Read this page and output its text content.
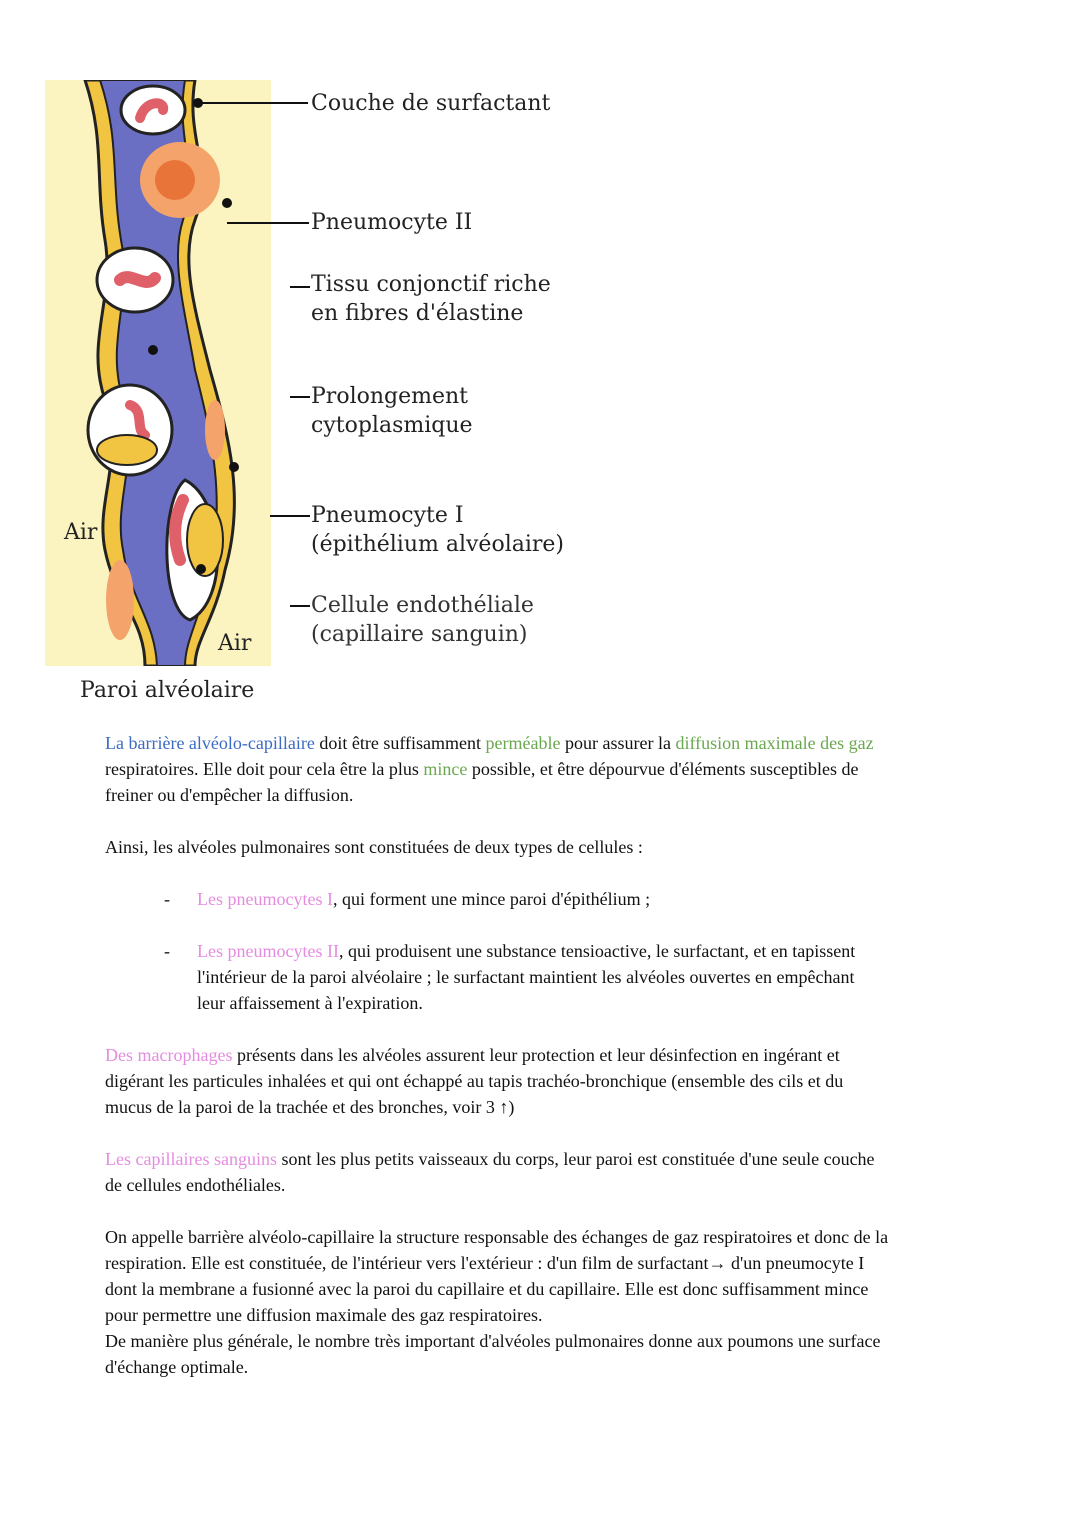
Couche de surfactant
Pneumocyte II
Tissu conjonctif riche
en fibres d'élastine
Prolongement
cytoplasmique
Pneumocyte I
(épithélium alvéolaire)
Cellule endothéliale
(capillaire sanguin)
Air
Air
Paroi alvéolaire
La barrière alvéolo-capillaire doit être suffisamment perméable pour assurer la diffusion maximale des gaz
respiratoires. Elle doit pour cela être la plus mince possible, et être dépourvue d'éléments susceptibles de
freiner ou d'empêcher la diffusion.
Ainsi, les alvéoles pulmonaires sont constituées de deux types de cellules :
-	Les pneumocytes I, qui forment une mince paroi d'épithélium ;
-	Les pneumocytes II, qui produisent une substance tensioactive, le surfactant, et en tapissent
l'intérieur de la paroi alvéolaire ; le surfactant maintient les alvéoles ouvertes en empêchant
leur affaissement à l'expiration.
Des macrophages présents dans les alvéoles assurent leur protection et leur désinfection en ingérant et
digérant les particules inhalées et qui ont échappé au tapis trachéo-bronchique (ensemble des cils et du
mucus de la paroi de la trachée et des bronches, voir 3 ↑)
Les capillaires sanguins sont les plus petits vaisseaux du corps, leur paroi est constituée d'une seule couche
de cellules endothéliales.
On appelle barrière alvéolo-capillaire la structure responsable des échanges de gaz respiratoires et donc de la
respiration. Elle est constituée, de l'intérieur vers l'extérieur : d'un film de surfactant→ d'un pneumocyte I
dont la membrane a fusionné avec la paroi du capillaire et du capillaire. Elle est donc suffisamment mince
pour permettre une diffusion maximale des gaz respiratoires.
De manière plus générale, le nombre très important d'alvéoles pulmonaires donne aux poumons une surface
d'échange optimale.
